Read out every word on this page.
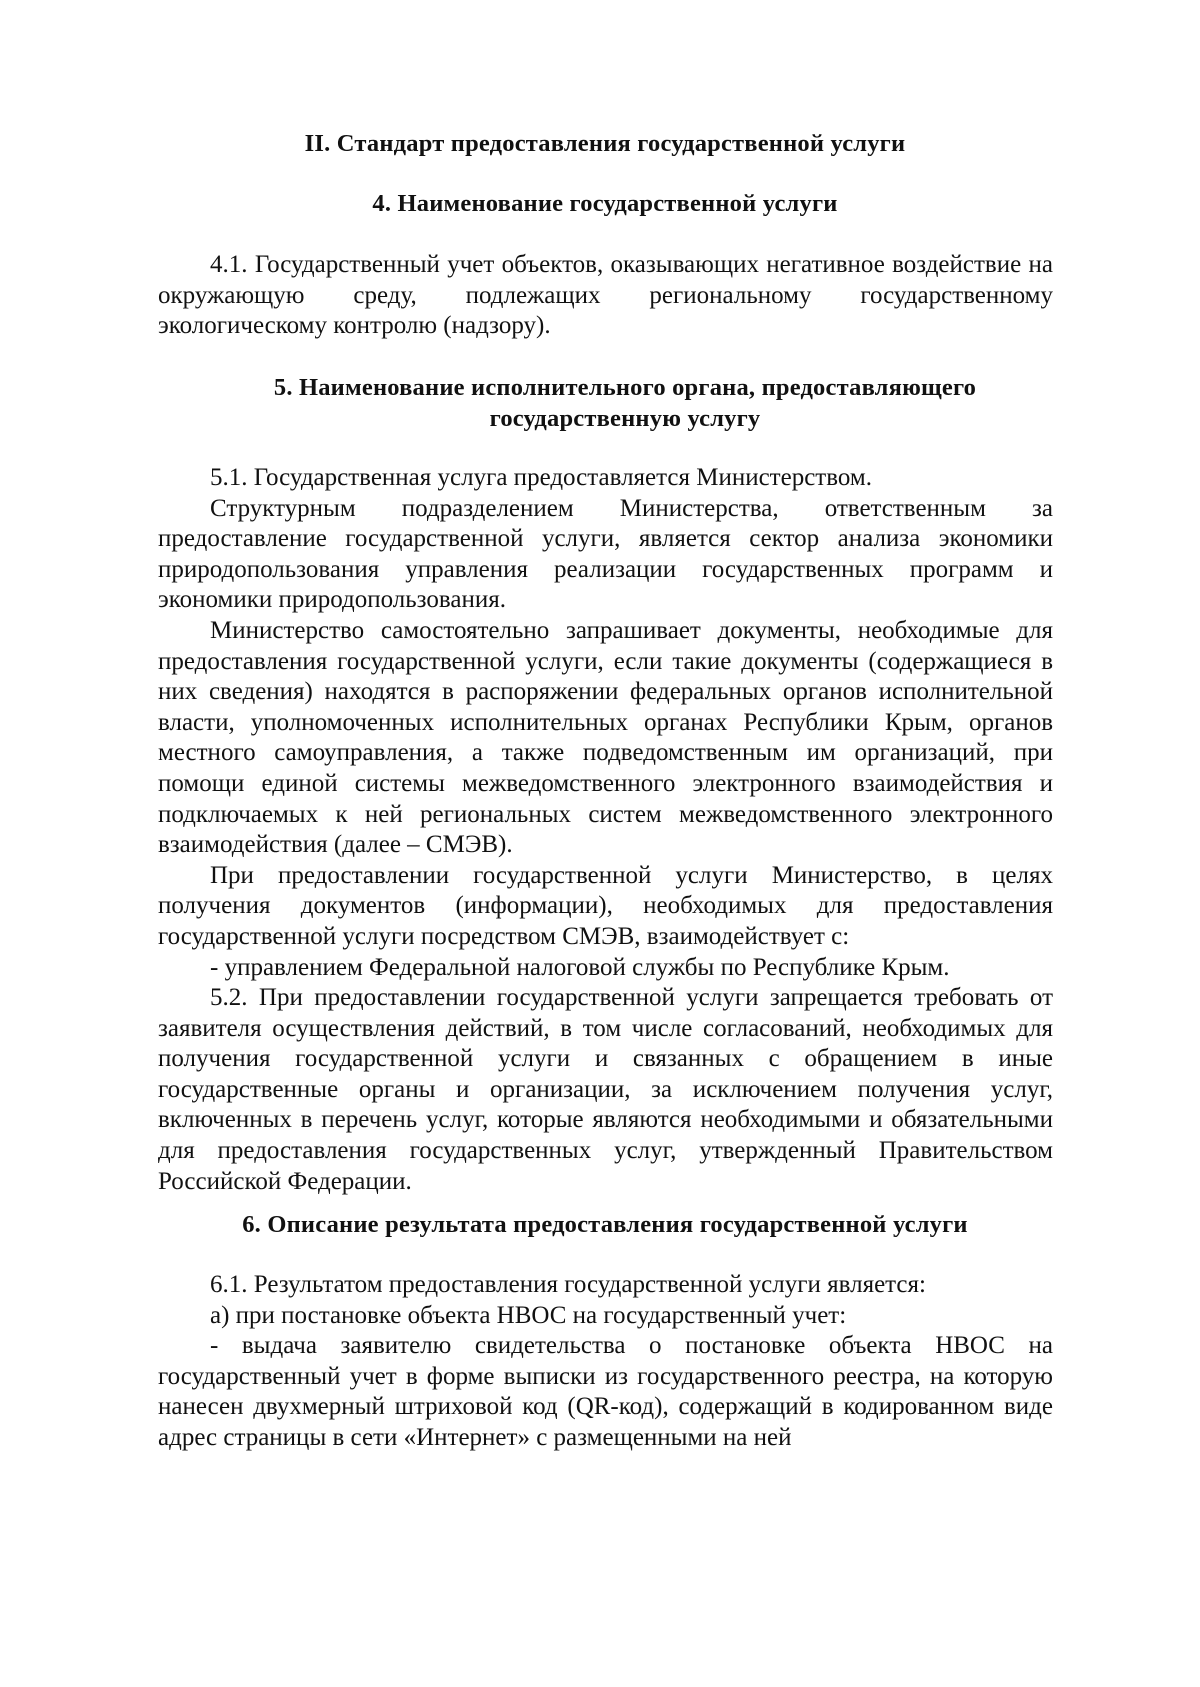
II. Стандарт предоставления государственной услуги
4. Наименование государственной услуги

4.1. Государственный учет объектов, оказывающих негативное воздействие на окружающую среду, подлежащих региональному государственному экологическому контролю (надзору).

5. Наименование исполнительного органа, предоставляющего государственную услугу

5.1. Государственная услуга предоставляется Министерством.

Структурным подразделением Министерства, ответственным за предоставление государственной услуги, является сектор анализа экономики природопользования управления реализации государственных программ и экономики природопользования.

Министерство самостоятельно запрашивает документы, необходимые для предоставления государственной услуги, если такие документы (содержащиеся в них сведения) находятся в распоряжении федеральных органов исполнительной власти, уполномоченных исполнительных органах Республики Крым, органов местного самоуправления, а также подведомственным им организаций, при помощи единой системы межведомственного электронного взаимодействия и подключаемых к ней региональных систем межведомственного электронного взаимодействия (далее – СМЭВ).

При предоставлении государственной услуги Министерство, в целях получения документов (информации), необходимых для предоставления государственной услуги посредством СМЭВ, взаимодействует с:

- управлением Федеральной налоговой службы по Республике Крым.

5.2. При предоставлении государственной услуги запрещается требовать от заявителя осуществления действий, в том числе согласований, необходимых для получения государственной услуги и связанных с обращением в иные государственные органы и организации, за исключением получения услуг, включенных в перечень услуг, которые являются необходимыми и обязательными для предоставления государственных услуг, утвержденный Правительством Российской Федерации.

6. Описание результата предоставления государственной услуги

6.1. Результатом предоставления государственной услуги является:

а) при постановке объекта НВОС на государственный учет:

- выдача заявителю свидетельства о постановке объекта НВОС на государственный учет в форме выписки из государственного реестра, на которую нанесен двухмерный штриховой код (QR-код), содержащий в кодированном виде адрес страницы в сети «Интернет» с размещенными на ней
